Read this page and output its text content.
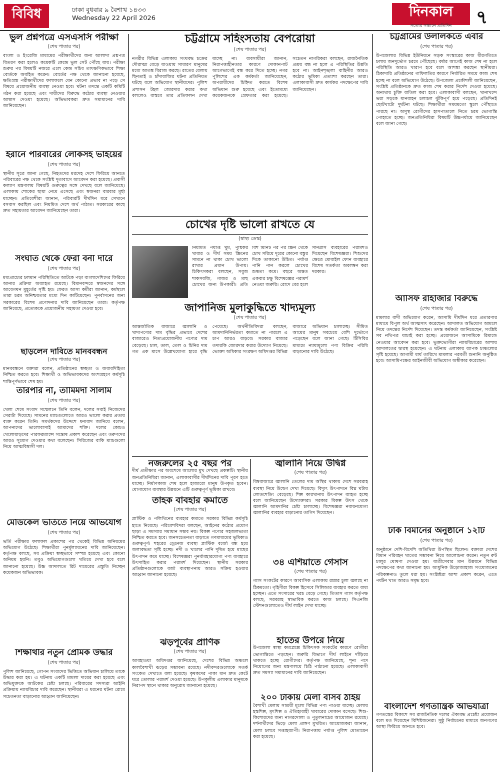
বিবিধ	ঢাকা বুধবার ৯ বৈশাখ ১৪৩৩
Wednesday 22 April 2026	দিনকাল
সত্যের সন্ধানে প্রতিদিন	৭
ভুল প্রশ্নপত্রে এসএসসি পরীক্ষা
(শেষ পাতার পর)
বাংলা ও ইংরেজি মাধ্যমের পরীক্ষার্থীদের জন্য আলাদা প্রশ্নপত্র বিতরণ করা হলেও কয়েকটি কেন্দ্রে ভুল সেট পৌঁছে যায়। পরীক্ষা শুরুর পর বিষয়টি নজরে এলে কেন্দ্র সচিব তাৎক্ষণিকভাবে শিক্ষা বোর্ডকে অবহিত করেন। বোর্ডের পক্ষ থেকে জানানো হয়েছে, ক্ষতিগ্রস্ত পরীক্ষার্থীদের ফলাফলে যেন কোনো প্রভাব না পড়ে সে বিষয়ে প্রয়োজনীয় ব্যবস্থা নেওয়া হবে। ঘটনা তদন্তে একটি কমিটি গঠন করা হয়েছে এবং দায়ীদের বিরুদ্ধে কঠোর ব্যবস্থা নেওয়ার আশ্বাস দেওয়া হয়েছে। অভিভাবকরা দ্রুত সমাধানের দাবি জানিয়েছেন।
ইরানে পরিবারের লোকসহ ভাইয়ের
(শেষ পাতার পর)
স্থানীয় সূত্রে জানা গেছে, নিহতদের মরদেহ দেশে ফিরিয়ে আনতে পরিবারের পক্ষ থেকে সংশ্লিষ্ট দূতাবাসে আবেদন করা হয়েছে। প্রবাসী কল্যাণ মন্ত্রণালয় বিষয়টি গুরুত্বের সঙ্গে দেখছে বলে জানিয়েছে। এলাকায় শোকের ছায়া নেমে এসেছে এবং স্বজনরা বারবার মূর্ছা যাচ্ছেন। প্রতিবেশীরা জানান, পরিবারটি দীর্ঘদিন ধরে সেখানে বসবাস করছিল এবং নিয়মিত দেশে অর্থ পাঠাত। সরকারের কাছে দ্রুত সহায়তার আবেদন জানিয়েছেন তারা।
সংঘাত থেকে ফেরা বনী দারে
(শেষ পাতার পর)
মধ্যপ্রাচ্যের চলমান পরিস্থিতিতে আটকে পড়া বাংলাদেশিদের ফিরিয়ে আনার প্রক্রিয়া অব্যাহত রয়েছে। বিমানবন্দরে স্বজনদের সঙ্গে আবেগঘন মুহূর্তের সৃষ্টি হয়। ফেরত আসা কর্মীরা জানান, কর্মস্থলে তারা চরম অনিশ্চয়তার মধ্যে দিন কাটিয়েছেন। পুনর্বাসনের জন্য সরকারের বিশেষ প্রণোদনার দাবি জানিয়েছেন তারা। কর্তৃপক্ষ জানিয়েছে, প্রত্যেককে প্রয়োজনীয় সহায়তা দেওয়া হবে।
ছাড়লেন দাবিতে মানববন্ধন
(শেষ পাতার পর)
মানববন্ধনে বক্তারা বলেন, প্রতিষ্ঠানের স্বচ্ছতা ও জবাবদিহিতা নিশ্চিত করতে হবে। শিক্ষার্থী ও অভিভাবকদের অংশগ্রহণে কর্মসূচি শান্তিপূর্ণভাবে শেষ হয়।
তারপরি না, তামিমদা সালাম
(শেষ পাতার পর)
খেলা শেষে সংবাদ সম্মেলনে তিনি বলেন, দলের সবাই নিজেদের সেরাটা দিয়েছে। সামনের ম্যাচগুলোতে আরও ভালো করার প্রত্যয় ব্যক্ত করেন তিনি। সমর্থকদের উদ্দেশে ধন্যবাদ জানিয়ে বলেন, আপনাদের ভালোবাসাই আমাদের শক্তি। দলের কোচও খেলোয়াড়দের পারফরম্যান্সে সন্তোষ প্রকাশ করেছেন এবং তরুণদের আরও সুযোগ দেওয়ার কথা বলেছেন। সিরিজের বাকি ম্যাচগুলো নিয়ে আত্মবিশ্বাসী দল।
মেডিকেল ভর্তিতে নিয়ে অভিযোগ
(শেষ পাতার পর)
ভর্তি পরীক্ষার ফলাফল প্রকাশের পর থেকেই বিভিন্ন অনিয়মের অভিযোগ উঠেছে। শিক্ষার্থীরা পুনর্মূল্যায়নের দাবি জানিয়েছেন। কর্তৃপক্ষ বলছে, সব প্রক্রিয়া স্বচ্ছভাবে সম্পন্ন হয়েছে এবং কোনো অনিয়ম হয়নি। তবুও অভিযোগগুলো খতিয়ে দেখা হবে বলে জানানো হয়েছে। উচ্চ আদালতে রিট দায়েরের প্রস্তুতি নিচ্ছেন কয়েকজন অভিভাবক।
শিক্ষার্থীর নতুন প্রেমিক উদ্ধার
(শেষ পাতার পর)
পুলিশ জানিয়েছে, গোপন সংবাদের ভিত্তিতে অভিযান চালিয়ে তাকে উদ্ধার করা হয়। এ ঘটনায় একটি মামলা দায়ের করা হয়েছে এবং অভিযুক্তকে আটকের চেষ্টা চলছে। পরিবারের সদস্যরা আইনি প্রক্রিয়ায় ন্যায়বিচার দাবি করেছেন। স্থানীয়রা এ ধরনের ঘটনা রোধে সচেতনতা বাড়ানোর আহ্বান জানিয়েছেন।
চট্টগ্রামে সহিংসতায় বেপরোয়া
(শেষ পাতার পর)
নগরীর বিভিন্ন এলাকায় সংঘবদ্ধ চক্রের দৌরাত্ম্য বেড়ে যাওয়ায় সাধারণ মানুষের মধ্যে আতঙ্ক বিরাজ করছে। রাতের বেলায় ছিনতাই ও চাঁদাবাজির ঘটনা প্রতিনিয়ত ঘটছে বলে অভিযোগ স্থানীয়দের। পুলিশ প্রশাসন টহল জোরদার করার কথা বললেও বাস্তবে তার প্রতিফলন দেখা যাচ্ছে না। ব্যবসায়ীরা জানান, নিরাপত্তাহীনতার কারণে দোকানপাট আগেভাগেই বন্ধ করে দিতে হচ্ছে। নগর পুলিশের এক কর্মকর্তা জানিয়েছেন, অপরাধীদের চিহ্নিত করতে বিশেষ অভিযান শুরু হয়েছে এবং ইতোমধ্যে কয়েকজনকে গ্রেফতার করা হয়েছে। সচেতন নাগরিকরা বলছেন, রাজনৈতিক প্রশ্রয় বন্ধ না হলে এ পরিস্থিতির উন্নতি হবে না। আইনশৃঙ্খলা বাহিনীর আরও কঠোর ভূমিকা প্রত্যাশা করছেন তারা। এলাকাবাসী দ্রুত কার্যকর পদক্ষেপের দাবি জানিয়েছেন।
চোখের দৃষ্টি ভালো রাখতে যে
(স্বাস্থ্য ডেস্ক)
নিয়মিত পর্যাপ্ত ঘুম, পুষ্টিকর খাবার ও দীর্ঘ সময় স্ক্রিনের সামনে না থাকা চোখ ভালো রাখার প্রধান উপায়। চিকিৎসকরা বলছেন, সবুজ শাকসবজি, গাজর ও মাছ চোখের জন্য উপকারী। প্রতি বিশ মিনিট পর পর স্ক্রিন থেকে চোখ সরিয়ে দূরের কোনো বস্তুর দিকে তাকানো উচিত। পর্যাপ্ত পানি পান করলে চোখের শুষ্কতা কমে। বছরে অন্তত একবার চক্ষু বিশেষজ্ঞের পরামর্শ নেওয়া জরুরি। রোদে বের হলে সানগ্লাস ব্যবহারের পরামর্শও দিয়েছেন বিশেষজ্ঞরা। শিশুদের ক্ষেত্রে মোবাইল ফোন ব্যবহারে বিশেষ সতর্কতা অবলম্বন করা দরকার।
জাপানিজ মুলাকুদ্ধিতে খাদ্যমূল্য
(শেষ পাতার পর)
আন্তর্জাতিক বাজারে জ্বালানি ও খাদ্যপণ্যের দাম বৃদ্ধির প্রভাবে দেশের বাজারেও নিত্যপ্রয়োজনীয় পণ্যের দাম বেড়েছে। চাল, ডাল, তেল ও চিনির দাম গত এক মাসে উল্লেখযোগ্য হারে বৃদ্ধি পেয়েছে। অর্থনীতিবিদরা বলছেন, আমদানিনির্ভরতা কমাতে না পারলে এ চাপ আরও বাড়বে। সরকার বাজার তদারকি জোরদার করার উদ্যোগ নিয়েছে। ভোক্তা অধিকার সংরক্ষণ অধিদপ্তর বিভিন্ন বাজারে অভিযান চালাচ্ছে। সীমিত আয়ের মানুষ সবচেয়ে বেশি দুর্ভোগে পড়েছেন বলে জানা গেছে। টিসিবির মাধ্যমে ন্যায্যমূল্যে পণ্য বিক্রির পরিধি বাড়ানোর দাবি উঠেছে।
নজরুলের ২৫ বছর পর
দীর্ঘ প্রতীক্ষার পর অবশেষে আলোর মুখ দেখছে প্রকল্পটি। স্থানীয় জনপ্রতিনিধিরা জানান, এলাকাবাসীর দীর্ঘদিনের দাবি পূরণ হতে যাচ্ছে। নির্মাণকাজ শেষ হলে হাজারো মানুষ উপকৃত হবেন। যোগাযোগ ব্যবস্থার উন্নয়নে এটি গুরুত্বপূর্ণ ভূমিকা রাখবে।
তাহক বাবহার কমাতে
(শেষ পাতার পর)
প্লাস্টিক ও পলিথিনের ব্যবহার কমাতে সরকার বিভিন্ন কর্মসূচি হাতে নিয়েছে। পরিবেশবিদরা বলছেন, আইনের কঠোর প্রয়োগ ছাড়া এ সমস্যার সমাধান সম্ভব নয়। বিকল্প পণ্যের সহজলভ্যতা নিশ্চিত করতে হবে। জনসচেতনতা বাড়াতে গণমাধ্যমের ভূমিকাও গুরুত্বপূর্ণ। শহরের ড্রেনেজ ব্যবস্থা প্লাস্টিক বর্জ্যে বন্ধ হয়ে জলাবদ্ধতা সৃষ্টি হচ্ছে। নদী ও খালের পানি দূষিত হয়ে মাছের উৎপাদন কমে যাচ্ছে। বিশেষজ্ঞরা পুনর্ব্যবহারযোগ্য পণ্য ব্যবহারে উৎসাহিত করার পরামর্শ দিয়েছেন। স্থানীয় সরকার প্রতিষ্ঠানগুলোকে বর্জ্য ব্যবস্থাপনায় আরও সক্রিয় হওয়ার আহ্বান জানানো হয়েছে।
ঝড়পূর্বের প্রাণিক
(শেষ পাতার পর)
আবহাওয়া অধিদপ্তর জানিয়েছে, দেশের বিভিন্ন অঞ্চলে কালবৈশাখী ঝড়ের সম্ভাবনা রয়েছে। নদীবন্দরগুলোকে সতর্ক সংকেত দেখাতে বলা হয়েছে। কৃষকদের পাকা ধান দ্রুত কেটে ঘরে তোলার পরামর্শ দেওয়া হয়েছে। উপকূলীয় এলাকার মানুষকে নিরাপদ স্থানে থাকার অনুরোধ জানানো হয়েছে।
জ্বালানি নিয়ে উদ্বিগ্ন
(শেষ পাতার পর)
বিশ্ববাজারে জ্বালানি তেলের দাম অস্থির থাকায় দেশে সরবরাহ ব্যবস্থা নিয়ে উদ্বেগ দেখা দিয়েছে। বিদ্যুৎ উৎপাদনে বিঘ্ন ঘটায় লোডশেডিং বেড়েছে। শিল্প কারখানায় উৎপাদন ব্যাহত হচ্ছে বলে জানিয়েছেন উদ্যোক্তারা। সরকার বিকল্প উৎস থেকে জ্বালানি আমদানির চেষ্টা চালাচ্ছে। বিশেষজ্ঞরা নবায়নযোগ্য জ্বালানির ব্যবহার বাড়ানোর তাগিদ দিয়েছেন।
৩৪ এশিয়াতে গেসাস
(শেষ পাতার পর)
গ্যাস সংকটের কারণে আবাসিক এলাকায় রান্নার চুলা জ্বলছে না ঠিকমতো। গৃহিণীরা বিকল্প হিসেবে সিলিন্ডার ব্যবহার করতে বাধ্য হচ্ছেন। এতে সংসারের খরচ বেড়ে গেছে। তিতাস গ্যাস কর্তৃপক্ষ বলছে, সরবরাহ স্বাভাবিক করতে কাজ চলছে। সিএনজি স্টেশনগুলোতেও দীর্ঘ লাইন দেখা যাচ্ছে।
হাতের উপরে নিয়ে
উপজেলা স্বাস্থ্য কমপ্লেক্সে চিকিৎসক সংকটের কারণে রোগীরা ভোগান্তিতে পড়ছেন। জরুরি বিভাগে দীর্ঘ লাইনে দাঁড়িয়ে থাকতে হচ্ছে রোগীদের। কর্তৃপক্ষ জানিয়েছে, শূন্য পদে নিয়োগের জন্য মন্ত্রণালয়ে চিঠি পাঠানো হয়েছে। এলাকাবাসী দ্রুত সমস্যা সমাধানের দাবি জানিয়েছেন।
২০০ টাকায় মেলা বাসব ঠাইয়
বৈশাখী মেলায় সাশ্রয়ী মূল্যে বিভিন্ন পণ্য পাওয়া যাচ্ছে। মেলায় হস্তশিল্প, মৃৎশিল্প ও ঐতিহ্যবাহী খাবারের দোকান বসেছে। শিশু-কিশোরদের জন্য নাগরদোলা ও পুতুলনাচের আয়োজন রয়েছে। দর্শনার্থীদের ভিড়ে মেলা প্রাঙ্গণ মুখরিত। আয়োজকরা জানান, মেলা চলবে সপ্তাহব্যাপী। নিরাপত্তায় পর্যাপ্ত পুলিশ মোতায়েন করা হয়েছে।
চট্টগ্রামের উলালকতে এবার
(শেষ পাতার পর)
উপজেলার বিভিন্ন ইউনিয়নে সড়ক সংস্কারের কাজ ধীরগতিতে চলায় জনদুর্ভোগ চরমে পৌঁছেছে। বর্ষার আগেই কাজ শেষ না হলে পরিস্থিতি আরও খারাপ হবে বলে আশঙ্কা করছেন স্থানীয়রা। ঠিকাদারি প্রতিষ্ঠানের গাফিলতির কারণে নির্ধারিত সময়ে কাজ শেষ হচ্ছে না বলে অভিযোগ উঠেছে। উপজেলা প্রকৌশলী জানিয়েছেন, সংশ্লিষ্ট প্রতিষ্ঠানকে দ্রুত কাজ শেষ করার নির্দেশ দেওয়া হয়েছে। অন্যথায় চুক্তি বাতিল করা হবে। এলাকাবাসী বলছেন, খানাখন্দে ভরা সড়কে যানবাহন চলাচল ঝুঁকিপূর্ণ হয়ে পড়েছে। প্রতিদিনই ছোটখাটো দুর্ঘটনা ঘটছে। শিক্ষার্থীরা সময়মতো স্কুলে পৌঁছাতে পারছে না। অসুস্থ রোগীদের হাসপাতালে নিতে চরম ভোগান্তি পোহাতে হচ্ছে। জনপ্রতিনিধিরা বিষয়টি উচ্চপর্যায়ে জানিয়েছেন বলে জানা গেছে।
আসিফ রাহাজার বিরুদ্ধে
(শেষ পাতার পর)
মামলার বাদী অভিযোগ করেন, আসামি দীর্ঘদিন ধরে প্রতারণার মাধ্যমে বিপুল অর্থ আত্মসাৎ করেছেন। আদালত অভিযোগ আমলে নিয়ে তদন্তের নির্দেশ দিয়েছেন। তদন্ত কর্মকর্তা জানিয়েছেন, সংশ্লিষ্ট সব নথিপত্র যাচাই করা হচ্ছে। প্রয়োজনে আসামিকে রিমান্ডে নেওয়ার আবেদন করা হবে। ভুক্তভোগীরা ন্যায়বিচারের আশায় আদালতের দ্বারস্থ হয়েছেন। এ ঘটনায় এলাকায় ব্যাপক চাঞ্চল্যের সৃষ্টি হয়েছে। আগামী ধার্য তারিখে মামলার পরবর্তী শুনানি অনুষ্ঠিত হবে। আসামিপক্ষের আইনজীবী অভিযোগ অস্বীকার করেছেন।
ঢাক বিমানের অনুষ্ঠানে ১২টি
(শেষ পাতার পর)
অনুষ্ঠানে দেশি-বিদেশি অতিথিরা উপস্থিত ছিলেন। বক্তারা দেশের বিমান পরিবহন খাতের সম্ভাবনা নিয়ে আলোচনা করেন। নতুন রুট চালুর ঘোষণা দেওয়া হয়। যাত্রীসেবার মান উন্নয়নে বিভিন্ন পদক্ষেপের কথা জানানো হয়। আধুনিক উড়োজাহাজ সংযোজনের পরিকল্পনাও তুলে ধরা হয়। সংশ্লিষ্টরা আশা প্রকাশ করেন, এতে পর্যটন খাত আরও সমৃদ্ধ হবে।
বাংলাদেশ গণতান্ত্রিক অভিযাত্রা
গণতন্ত্রের বিকাশে সব রাজনৈতিক দলের ঐক্যবদ্ধ প্রচেষ্টা প্রয়োজন বলে মত দিয়েছেন বিশিষ্টজনেরা। সুষ্ঠু নির্বাচনের মাধ্যমে জনগণের আস্থা ফিরিয়ে আনতে হবে।
